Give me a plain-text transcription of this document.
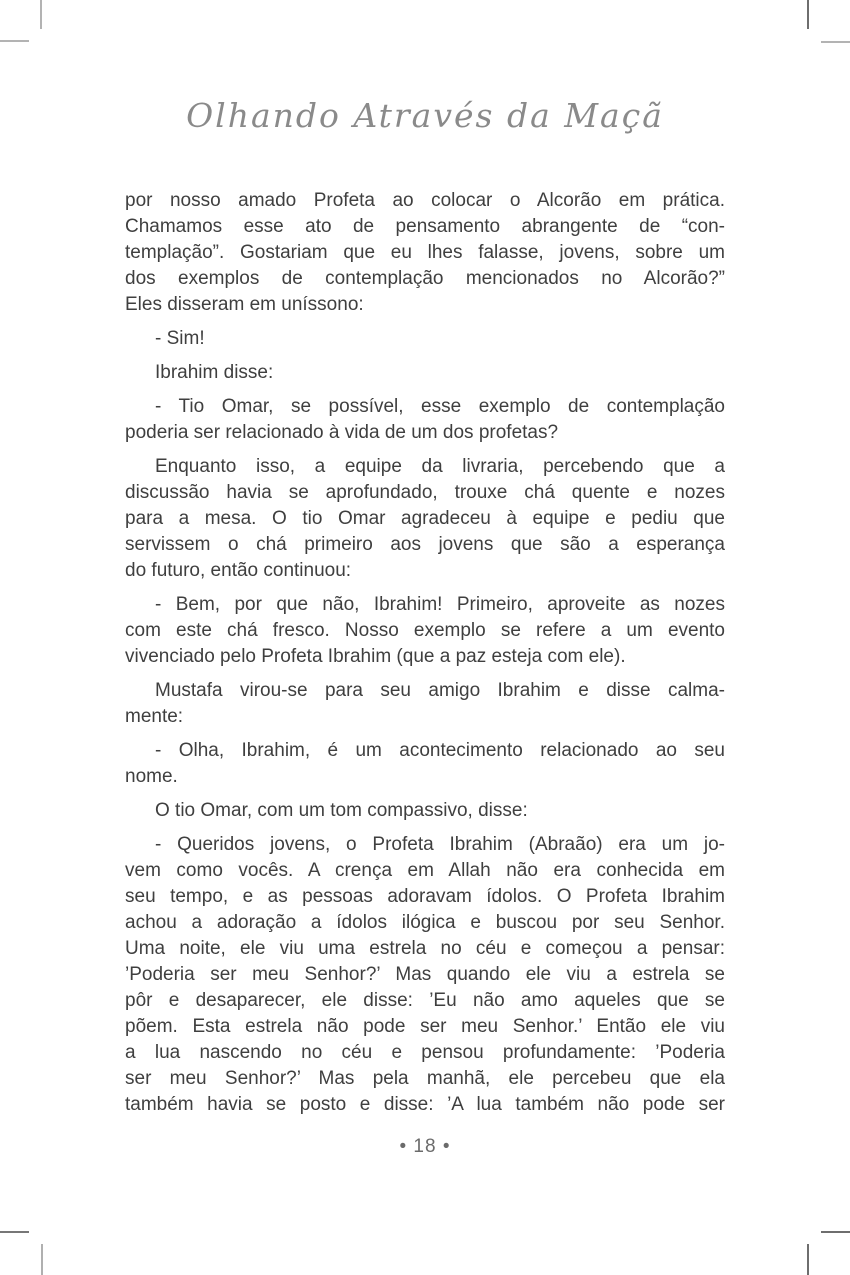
Olhando Através da Maçã
por nosso amado Profeta ao colocar o Alcorão em prática.
Chamamos esse ato de pensamento abrangente de “con-
templação”. Gostariam que eu lhes falasse, jovens, sobre um
dos exemplos de contemplação mencionados no Alcorão?”
Eles disseram em uníssono:
- Sim!
Ibrahim disse:
- Tio Omar, se possível, esse exemplo de contemplação
poderia ser relacionado à vida de um dos profetas?
Enquanto isso, a equipe da livraria, percebendo que a
discussão havia se aprofundado, trouxe chá quente e nozes
para a mesa. O tio Omar agradeceu à equipe e pediu que
servissem o chá primeiro aos jovens que são a esperança
do futuro, então continuou:
- Bem, por que não, Ibrahim! Primeiro, aproveite as nozes
com este chá fresco. Nosso exemplo se refere a um evento
vivenciado pelo Profeta Ibrahim (que a paz esteja com ele).
Mustafa virou-se para seu amigo Ibrahim e disse calma-
mente:
- Olha, Ibrahim, é um acontecimento relacionado ao seu
nome.
O tio Omar, com um tom compassivo, disse:
- Queridos jovens, o Profeta Ibrahim (Abraão) era um jo-
vem como vocês. A crença em Allah não era conhecida em
seu tempo, e as pessoas adoravam ídolos. O Profeta Ibrahim
achou a adoração a ídolos ilógica e buscou por seu Senhor.
Uma noite, ele viu uma estrela no céu e começou a pensar:
’Poderia ser meu Senhor?’ Mas quando ele viu a estrela se
pôr e desaparecer, ele disse: ’Eu não amo aqueles que se
põem. Esta estrela não pode ser meu Senhor.’ Então ele viu
a lua nascendo no céu e pensou profundamente: ’Poderia
ser meu Senhor?’ Mas pela manhã, ele percebeu que ela
também havia se posto e disse: ’A lua também não pode ser
• 18 •
